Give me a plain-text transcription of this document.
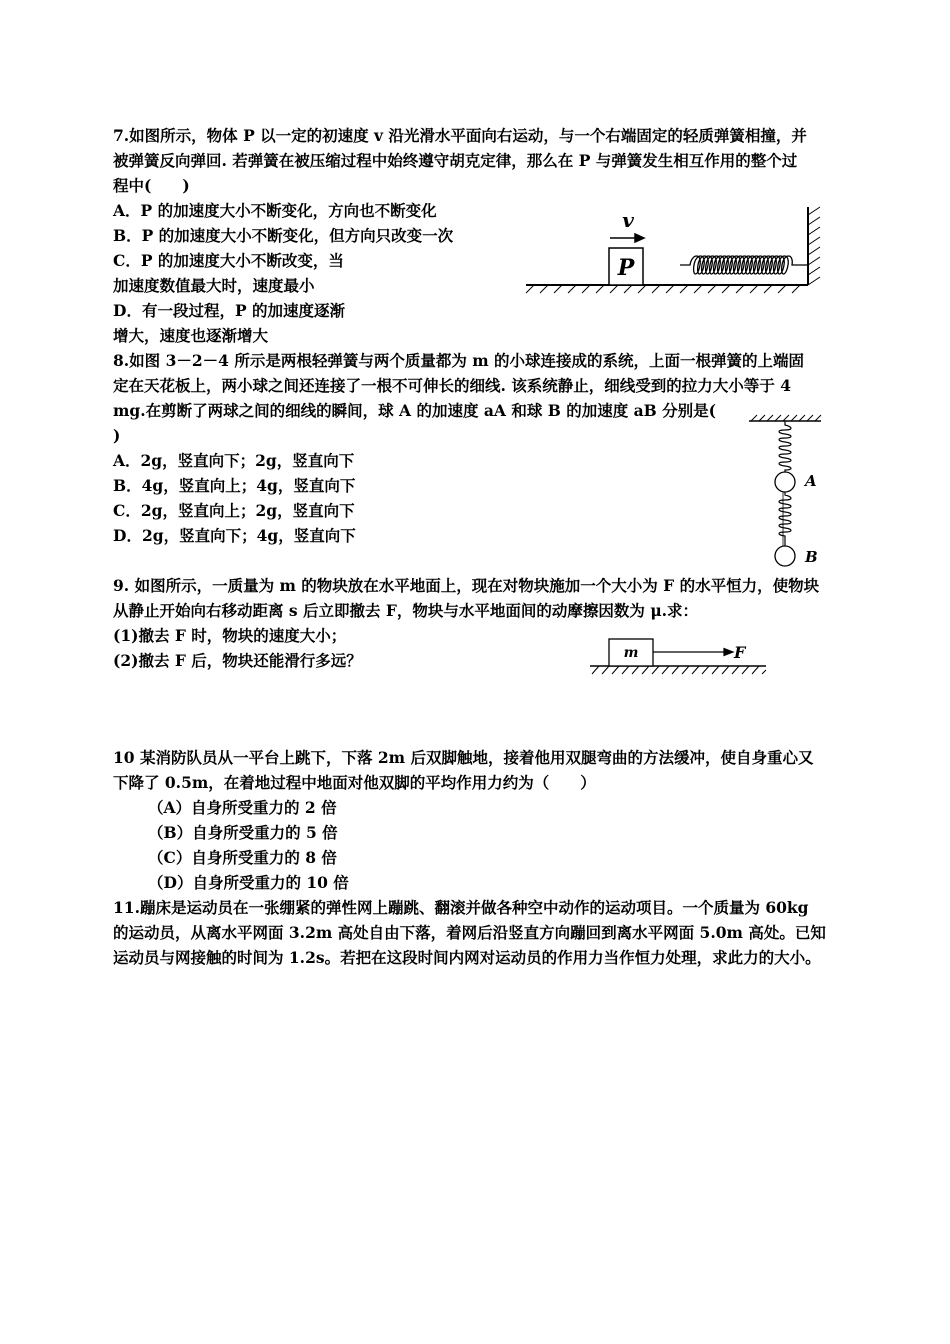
7.如图所示，物体 P 以一定的初速度 v 沿光滑水平面向右运动，与一个右端固定的轻质弹簧相撞，并
被弹簧反向弹回. 若弹簧在被压缩过程中始终遵守胡克定律，那么在 P 与弹簧发生相互作用的整个过
程中(　　)
A．P 的加速度大小不断变化，方向也不断变化
B．P 的加速度大小不断变化，但方向只改变一次
C．P 的加速度大小不断改变，当
加速度数值最大时，速度最小
D．有一段过程，P 的加速度逐渐
增大，速度也逐渐增大
P
v
8.如图 3－2－4 所示是两根轻弹簧与两个质量都为 m 的小球连接成的系统，上面一根弹簧的上端固
定在天花板上，两小球之间还连接了一根不可伸长的细线. 该系统静止，细线受到的拉力大小等于 4
mg.在剪断了两球之间的细线的瞬间，球 A 的加速度 aA 和球 B 的加速度 aB 分别是(
)
A．2g，竖直向下；2g，竖直向下
B．4g，竖直向上；4g，竖直向下
C．2g，竖直向上；2g，竖直向下
D．2g，竖直向下；4g，竖直向下
A
B
9. 如图所示，一质量为 m 的物块放在水平地面上，现在对物块施加一个大小为 F 的水平恒力，使物块
从静止开始向右移动距离 s 后立即撤去 F，物块与水平地面间的动摩擦因数为 μ.求：
(1)撤去 F 时，物块的速度大小；
(2)撤去 F 后，物块还能滑行多远？	m	F
10 某消防队员从一平台上跳下，下落 2m 后双脚触地，接着他用双腿弯曲的方法缓冲，使自身重心又
下降了 0.5m，在着地过程中地面对他双脚的平均作用力约为（　　）
（A）自身所受重力的 2 倍
（B）自身所受重力的 5 倍
（C）自身所受重力的 8 倍
（D）自身所受重力的 10 倍
11.蹦床是运动员在一张绷紧的弹性网上蹦跳、翻滚并做各种空中动作的运动项目。一个质量为 60kg
的运动员，从离水平网面 3.2m 高处自由下落，着网后沿竖直方向蹦回到离水平网面 5.0m 高处。已知
运动员与网接触的时间为 1.2s。若把在这段时间内网对运动员的作用力当作恒力处理，求此力的大小。
